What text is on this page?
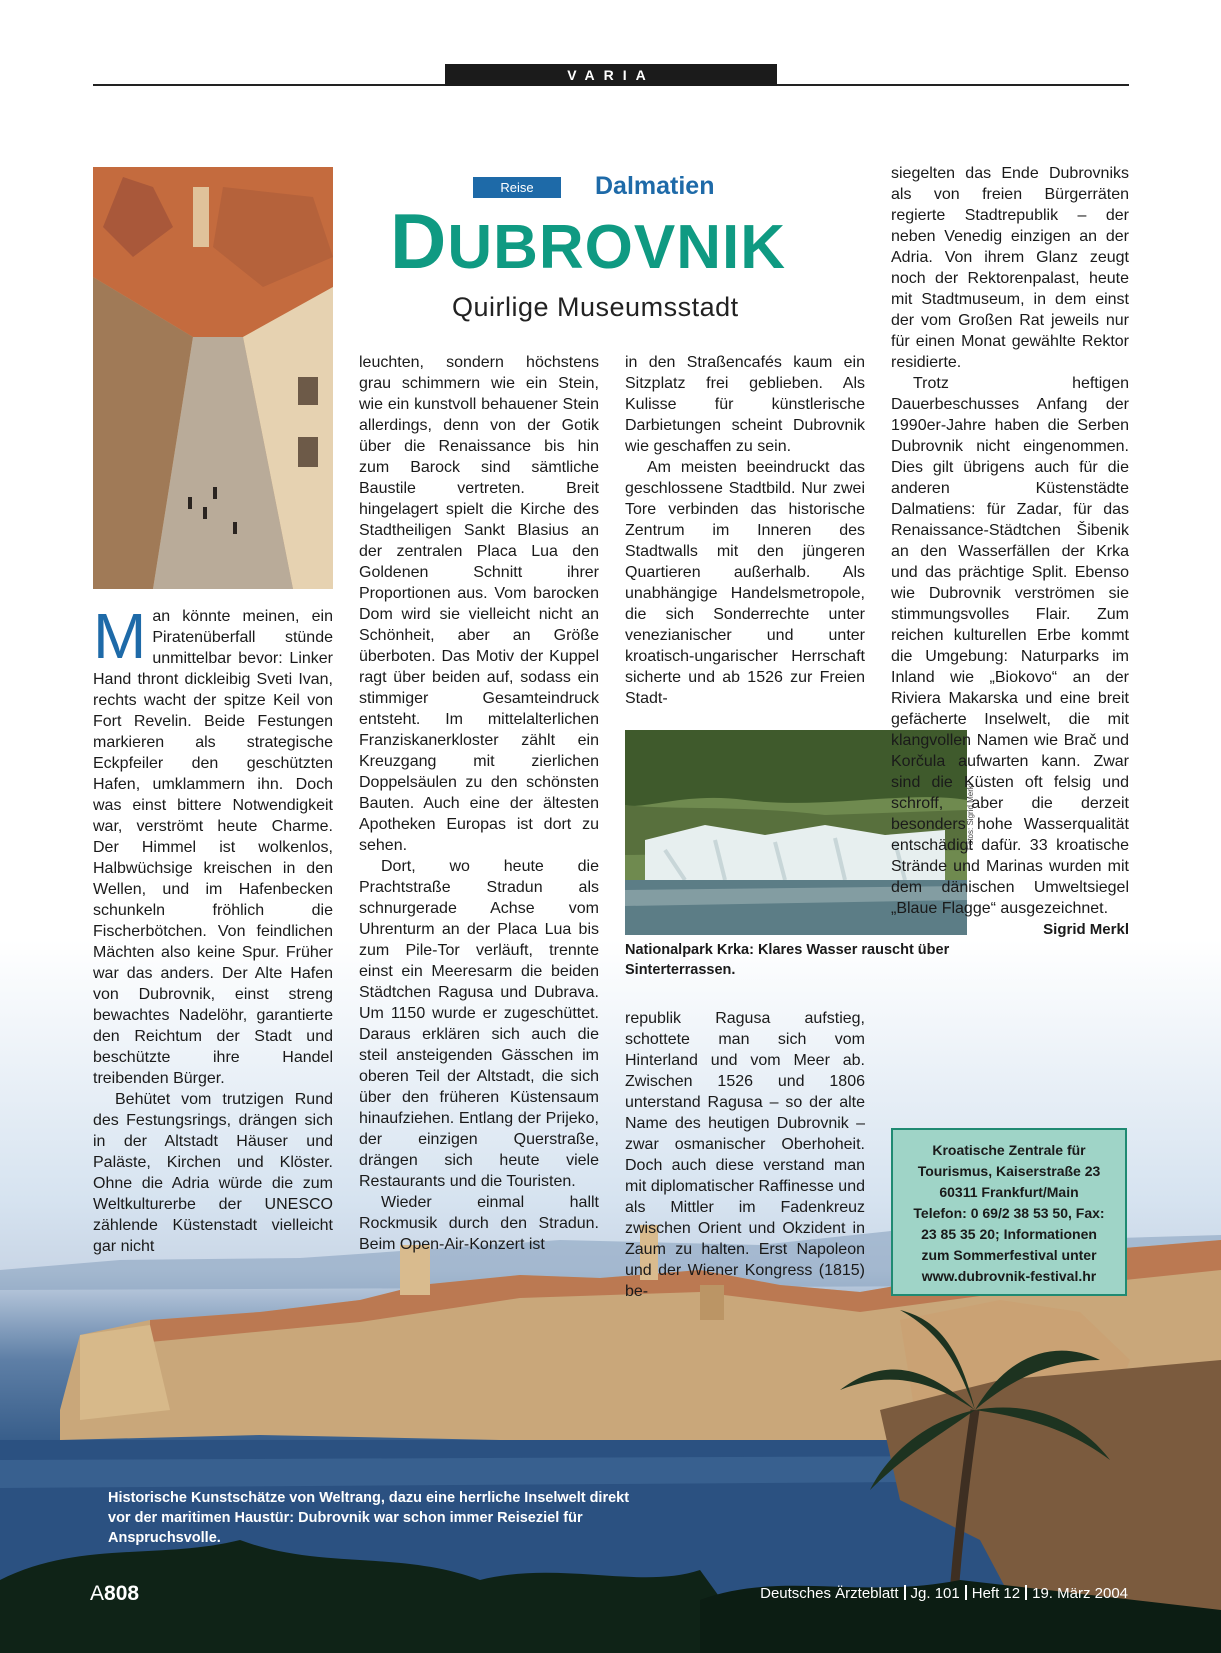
VARIA
Reise	Dalmatien
DUBROVNIK
Quirlige Museumsstadt

Man könnte meinen, ein Piratenüberfall stünde unmittelbar bevor: Linker Hand thront dickleibig Sveti Ivan, rechts wacht der spitze Keil von Fort Revelin. Beide Festungen markieren als strategische Eckpfeiler den geschützten Hafen, umklammern ihn. Doch was einst bittere Notwendigkeit war, verströmt heute Charme. Der Himmel ist wolkenlos, Halbwüchsige kreischen in den Wellen, und im Hafenbecken schunkeln fröhlich die Fischerbötchen. Von feindlichen Mächten also keine Spur. Früher war das anders. Der Alte Hafen von Dubrovnik, einst streng bewachtes Nadelöhr, garantierte den Reichtum der Stadt und beschützte ihre Handel treibenden Bürger.

Behütet vom trutzigen Rund des Festungsrings, drängen sich in der Altstadt Häuser und Paläste, Kirchen und Klöster. Ohne die Adria würde die zum Weltkulturerbe der UNESCO zählende Küstenstadt vielleicht gar nicht

leuchten, sondern höchstens grau schimmern wie ein Stein, wie ein kunstvoll behauener Stein allerdings, denn von der Gotik über die Renaissance bis hin zum Barock sind sämtliche Baustile vertreten. Breit hingelagert spielt die Kirche des Stadtheiligen Sankt Blasius an der zentralen Placa Lua den Goldenen Schnitt ihrer Proportionen aus. Vom barocken Dom wird sie vielleicht nicht an Schönheit, aber an Größe überboten. Das Motiv der Kuppel ragt über beiden auf, sodass ein stimmiger Gesamteindruck entsteht. Im mittelalterlichen Franziskanerkloster zählt ein Kreuzgang mit zierlichen Doppelsäulen zu den schönsten Bauten. Auch eine der ältesten Apotheken Europas ist dort zu sehen.

Dort, wo heute die Prachtstraße Stradun als schnurgerade Achse vom Uhrenturm an der Placa Lua bis zum Pile-Tor verläuft, trennte einst ein Meeresarm die beiden Städtchen Ragusa und Dubrava. Um 1150 wurde er zugeschüttet. Daraus erklären sich auch die steil ansteigenden Gässchen im oberen Teil der Altstadt, die sich über den früheren Küstensaum hinaufziehen. Entlang der Prijeko, der einzigen Querstraße, drängen sich heute viele Restaurants und die Touristen.

Wieder einmal hallt Rockmusik durch den Stradun. Beim Open-Air-Konzert ist

in den Straßencafés kaum ein Sitzplatz frei geblieben. Als Kulisse für künstlerische Darbietungen scheint Dubrovnik wie geschaffen zu sein.

Am meisten beeindruckt das geschlossene Stadtbild. Nur zwei Tore verbinden das historische Zentrum im Inneren des Stadtwalls mit den jüngeren Quartieren außerhalb. Als unabhängige Handelsmetropole, die sich Sonderrechte unter venezianischer und unter kroatisch-ungarischer Herrschaft sicherte und ab 1526 zur Freien Stadt-

Fotos: Sigrid Merkl
Nationalpark Krka: Klares Wasser rauscht über Sinterterrassen.

republik Ragusa aufstieg, schottete man sich vom Hinterland und vom Meer ab. Zwischen 1526 und 1806 unterstand Ragusa – so der alte Name des heutigen Dubrovnik – zwar osmanischer Oberhoheit. Doch auch diese verstand man mit diplomatischer Raffinesse und als Mittler im Fadenkreuz zwischen Orient und Okzident in Zaum zu halten. Erst Napoleon und der Wiener Kongress (1815) be-

siegelten das Ende Dubrovniks als von freien Bürgerräten regierte Stadtrepublik – der neben Venedig einzigen an der Adria. Von ihrem Glanz zeugt noch der Rektorenpalast, heute mit Stadtmuseum, in dem einst der vom Großen Rat jeweils nur für einen Monat gewählte Rektor residierte.

Trotz heftigen Dauerbeschusses Anfang der 1990er-Jahre haben die Serben Dubrovnik nicht eingenommen. Dies gilt übrigens auch für die anderen Küstenstädte Dalmatiens: für Zadar, für das Renaissance-Städtchen Šibenik an den Wasserfällen der Krka und das prächtige Split. Ebenso wie Dubrovnik verströmen sie stimmungsvolles Flair. Zum reichen kulturellen Erbe kommt die Umgebung: Naturparks im Inland wie „Biokovo“ an der Riviera Makarska und eine breit gefächerte Inselwelt, die mit klangvollen Namen wie Brač und Korčula aufwarten kann. Zwar sind die Küsten oft felsig und schroff, aber die derzeit besonders hohe Wasserqualität entschädigt dafür. 33 kroatische Strände und Marinas wurden mit dem dänischen Umweltsiegel „Blaue Flagge“ ausgezeichnet.

Sigrid Merkl

Kroatische Zentrale für
Tourismus, Kaiserstraße 23
60311 Frankfurt/Main
Telefon: 0 69/2 38 53 50, Fax:
23 85 35 20; Informationen
zum Sommerfestival unter
www.dubrovnik-festival.hr
Historische Kunstschätze von Weltrang, dazu eine herrliche Inselwelt direkt vor der maritimen Haustür: Dubrovnik war schon immer Reiseziel für Anspruchsvolle.
A808	Deutsches Ärzteblatt Jg. 101 Heft 12 19. März 2004
